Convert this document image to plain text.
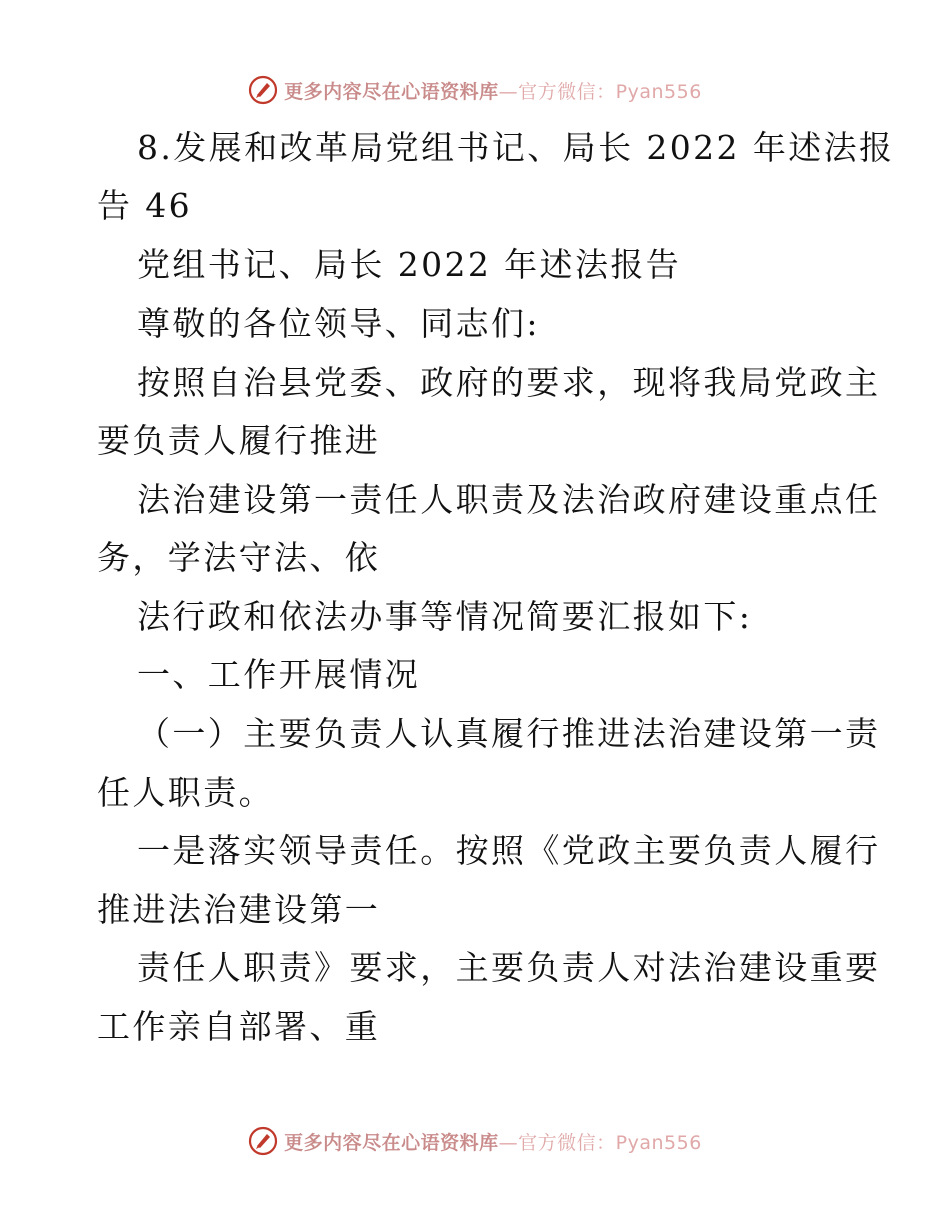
更多内容尽在心语资料库—官方微信：Pyan556
8.发展和改革局党组书记、局长 2022 年述法报
告 46
党组书记、局长 2022 年述法报告
尊敬的各位领导、同志们:
按照自治县党委、政府的要求，现将我局党政主
要负责人履行推进
法治建设第一责任人职责及法治政府建设重点任
务，学法守法、依
法行政和依法办事等情况简要汇报如下:
一、工作开展情况
（一）主要负责人认真履行推进法治建设第一责
任人职责。
一是落实领导责任。按照《党政主要负责人履行
推进法治建设第一
责任人职责》要求，主要负责人对法治建设重要
工作亲自部署、重
更多内容尽在心语资料库—官方微信：Pyan556
